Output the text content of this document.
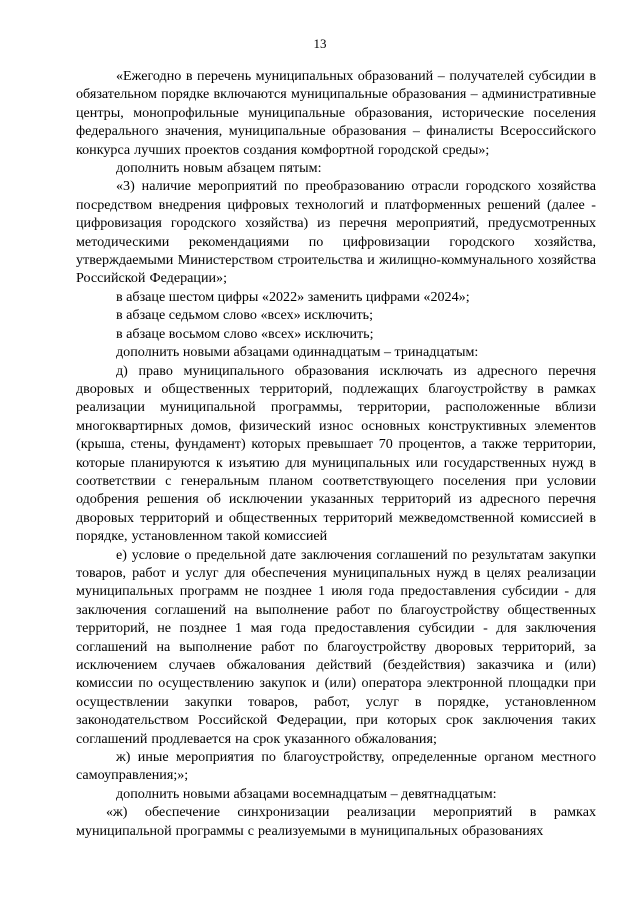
13

«Ежегодно в перечень муниципальных образований – получателей субсидии в обязательном порядке включаются муниципальные образования – административные центры, монопрофильные муниципальные образования, исторические поселения федерального значения, муниципальные образования – финалисты Всероссийского конкурса лучших проектов создания комфортной городской среды»;

дополнить новым абзацем пятым:

«3) наличие мероприятий по преобразованию отрасли городского хозяйства посредством внедрения цифровых технологий и платформенных решений (далее - цифровизация городского хозяйства) из перечня мероприятий, предусмотренных методическими рекомендациями по цифровизации городского хозяйства, утверждаемыми Министерством строительства и жилищно-коммунального хозяйства Российской Федерации»;

в абзаце шестом цифры «2022» заменить цифрами «2024»;

в абзаце седьмом слово «всех» исключить;

в абзаце восьмом слово «всех» исключить;

дополнить новыми абзацами одиннадцатым – тринадцатым:

д) право муниципального образования исключать из адресного перечня дворовых и общественных территорий, подлежащих благоустройству в рамках реализации муниципальной программы, территории, расположенные вблизи многоквартирных домов, физический износ основных конструктивных элементов (крыша, стены, фундамент) которых превышает 70 процентов, а также территории, которые планируются к изъятию для муниципальных или государственных нужд в соответствии с генеральным планом соответствующего поселения при условии одобрения решения об исключении указанных территорий из адресного перечня дворовых территорий и общественных территорий межведомственной комиссией в порядке, установленном такой комиссией

е) условие о предельной дате заключения соглашений по результатам закупки товаров, работ и услуг для обеспечения муниципальных нужд в целях реализации муниципальных программ не позднее 1 июля года предоставления субсидии - для заключения соглашений на выполнение работ по благоустройству общественных территорий, не позднее 1 мая года предоставления субсидии - для заключения соглашений на выполнение работ по благоустройству дворовых территорий, за исключением случаев обжалования действий (бездействия) заказчика и (или) комиссии по осуществлению закупок и (или) оператора электронной площадки при осуществлении закупки товаров, работ, услуг в порядке, установленном законодательством Российской Федерации, при которых срок заключения таких соглашений продлевается на срок указанного обжалования;

ж) иные мероприятия по благоустройству, определенные органом местного самоуправления;»;

дополнить новыми абзацами восемнадцатым – девятнадцатым:

«ж) обеспечение синхронизации реализации мероприятий в рамках муниципальной программы с реализуемыми в муниципальных образованиях
